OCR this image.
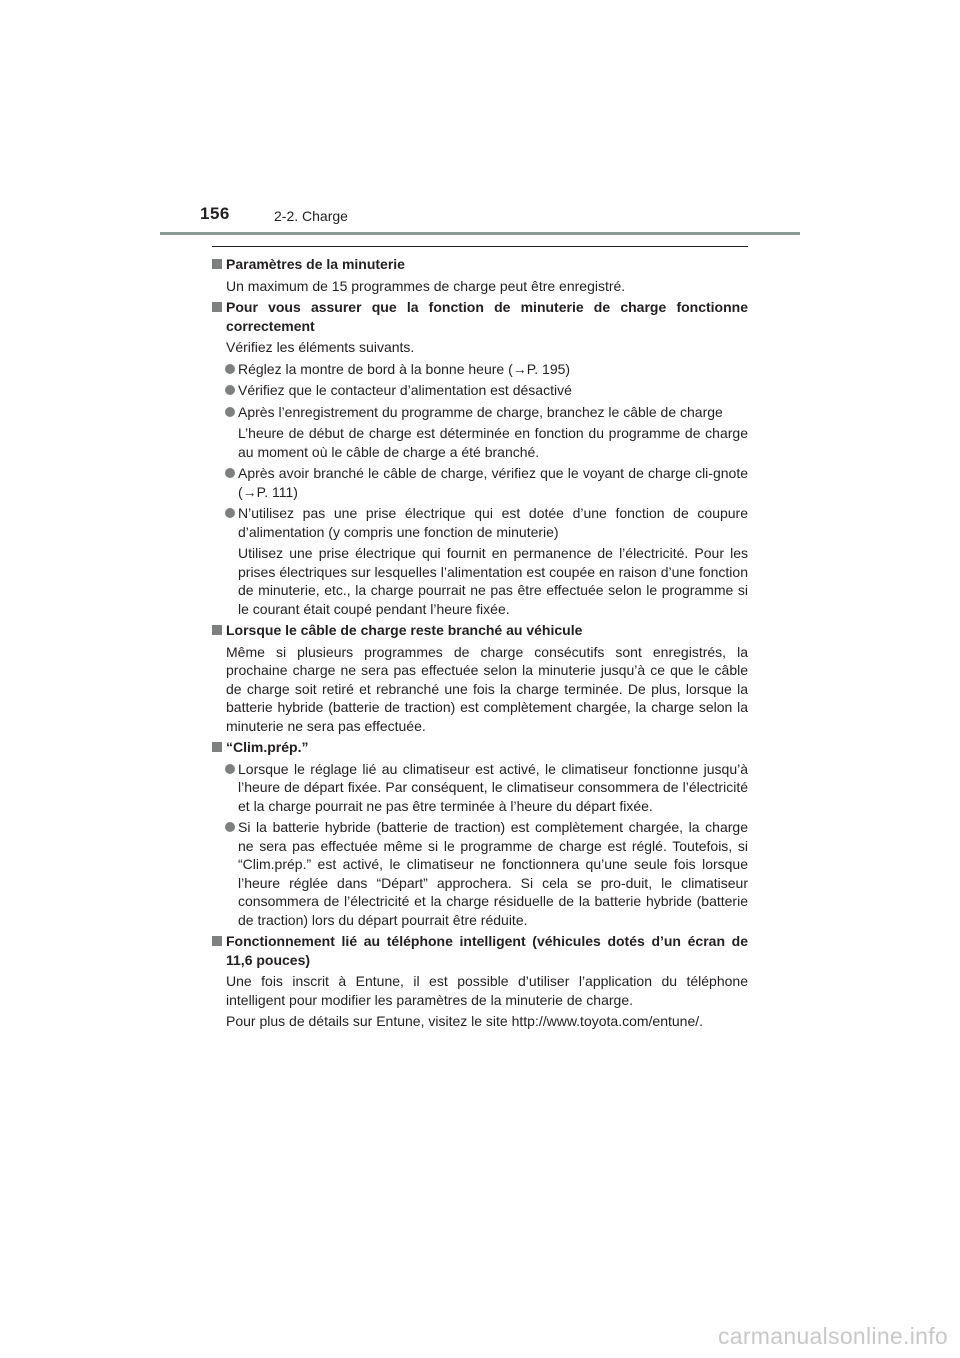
156	2-2. Charge
Paramètres de la minuterie
Un maximum de 15 programmes de charge peut être enregistré.
Pour vous assurer que la fonction de minuterie de charge fonctionne correctement
Vérifiez les éléments suivants.
Réglez la montre de bord à la bonne heure (→P. 195)
Vérifiez que le contacteur d’alimentation est désactivé
Après l’enregistrement du programme de charge, branchez le câble de charge
L’heure de début de charge est déterminée en fonction du programme de charge au moment où le câble de charge a été branché.
Après avoir branché le câble de charge, vérifiez que le voyant de charge cli-gnote (→P. 111)
N’utilisez pas une prise électrique qui est dotée d’une fonction de coupure d’alimentation (y compris une fonction de minuterie)
Utilisez une prise électrique qui fournit en permanence de l’électricité. Pour les prises électriques sur lesquelles l’alimentation est coupée en raison d’une fonction de minuterie, etc., la charge pourrait ne pas être effectuée selon le programme si le courant était coupé pendant l’heure fixée.
Lorsque le câble de charge reste branché au véhicule
Même si plusieurs programmes de charge consécutifs sont enregistrés, la prochaine charge ne sera pas effectuée selon la minuterie jusqu’à ce que le câble de charge soit retiré et rebranché une fois la charge terminée. De plus, lorsque la batterie hybride (batterie de traction) est complètement chargée, la charge selon la minuterie ne sera pas effectuée.
“Clim.prép.”
Lorsque le réglage lié au climatiseur est activé, le climatiseur fonctionne jusqu’à l’heure de départ fixée. Par conséquent, le climatiseur consommera de l’électricité et la charge pourrait ne pas être terminée à l’heure du départ fixée.
Si la batterie hybride (batterie de traction) est complètement chargée, la charge ne sera pas effectuée même si le programme de charge est réglé. Toutefois, si “Clim.prép.” est activé, le climatiseur ne fonctionnera qu’une seule fois lorsque l’heure réglée dans “Départ” approchera. Si cela se pro-duit, le climatiseur consommera de l’électricité et la charge résiduelle de la batterie hybride (batterie de traction) lors du départ pourrait être réduite.
Fonctionnement lié au téléphone intelligent (véhicules dotés d’un écran de 11,6 pouces)
Une fois inscrit à Entune, il est possible d’utiliser l’application du téléphone intelligent pour modifier les paramètres de la minuterie de charge.
Pour plus de détails sur Entune, visitez le site http://www.toyota.com/entune/.
carmanualsonline.info
